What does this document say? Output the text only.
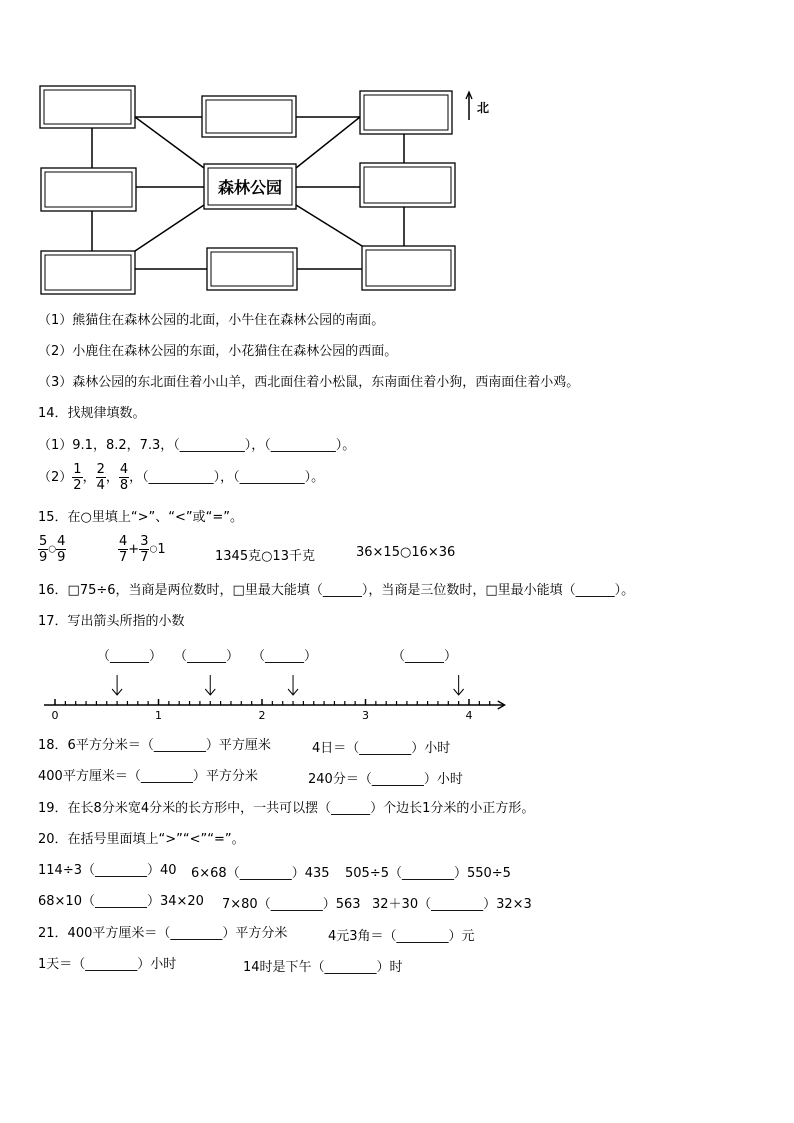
森林公园
北
（1）熊猫住在森林公园的北面，小牛住在森林公园的南面。
（2）小鹿住在森林公园的东面，小花猫住在森林公园的西面。
（3）森林公园的东北面住着小山羊，西北面住着小松鼠，东南面住着小狗，西南面住着小鸡。
14．找规律填数。
（1）9.1，8.2，7.3，（__________），（__________）。
$(2) \frac{1}{2}$ ， $\frac{2}{4}$ ， $\frac{4}{8}$ ，（__________），（__________）。
15．在○里填上“>”、“<”或“=”。
$\frac{5}{9}$ ○ $\frac{4}{9}$	$\frac{4}{7} + \frac{3}{7}$ ○1	1345克○13千克	36×15○16×36
16．□75÷6，当商是两位数时，□里最大能填（______），当商是三位数时，□里最小能填（______）。
17．写出箭头所指的小数
（______） （______） （______）	（______）
0	1	2	3	4
18．6平方分米＝（________）平方厘米	4日＝（________）小时
400平方厘米＝（________）平方分米	240分＝（________）小时
19．在长8分米宽4分米的长方形中，一共可以摆（______）个边长1分米的小正方形。
20．在括号里面填上“>”“<”“=”。
114÷3（________）40 6×68（________）435 505÷5（________）550÷5
68×10（________）34×20 7×80（________）563 32＋30（________）32×3
21．400平方厘米＝（________）平方分米	4元3角＝（________）元
1天＝（________）小时	14时是下午（________）时
